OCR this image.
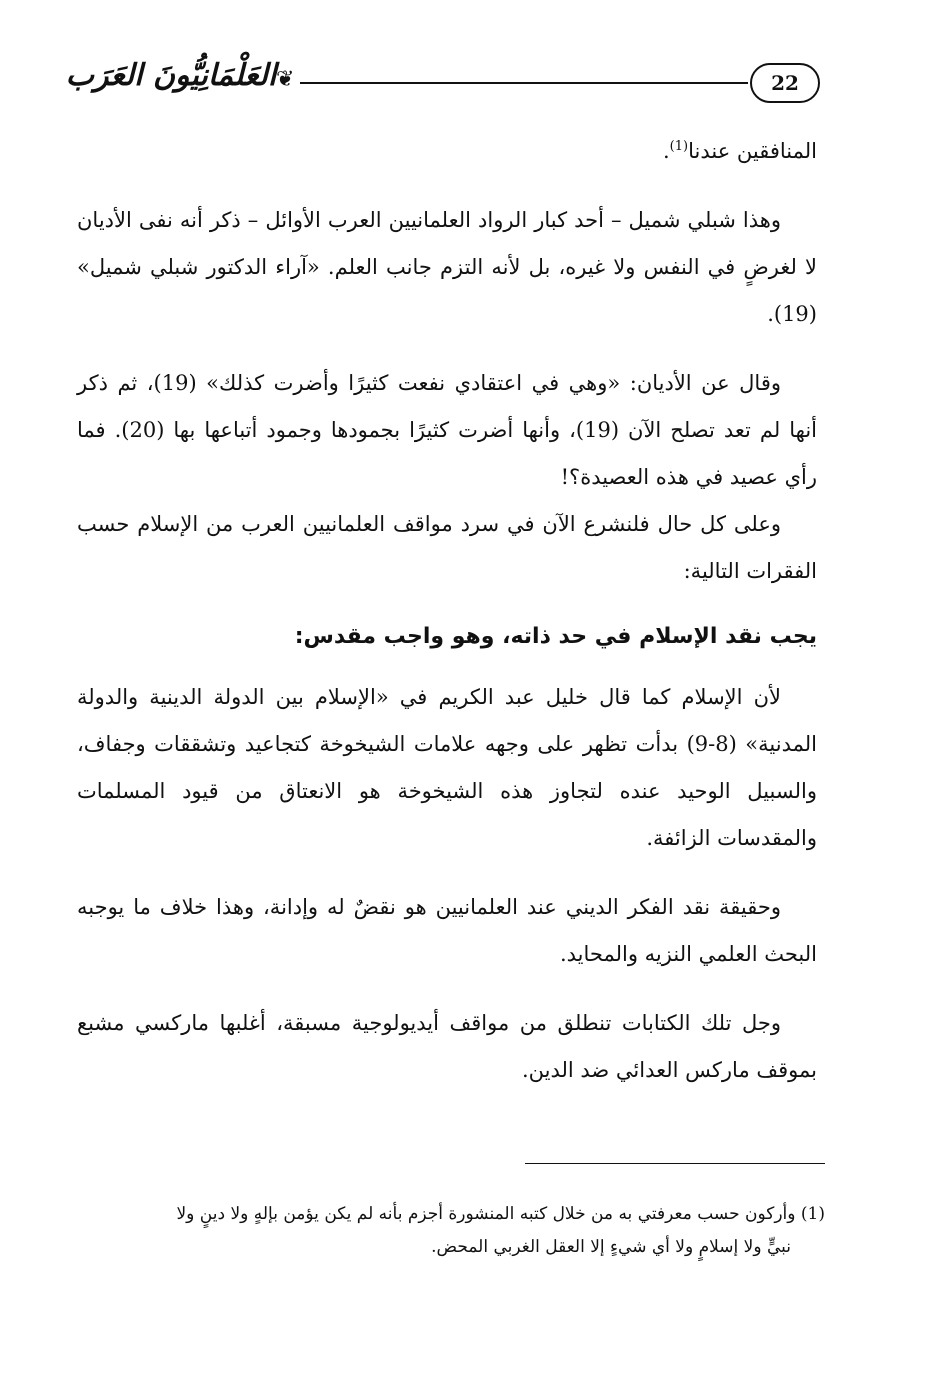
22
❦
العَلْمَانِيُّونَ العَرَب

المنافقين عندنا$^{(1)}$.

وهذا شبلي شميل – أحد كبار الرواد العلمانيين العرب الأوائل – ذكر أنه نفى الأديان لا لغرضٍ في النفس ولا غيره، بل لأنه التزم جانب العلم. «آراء الدكتور شبلي شميل» (19).

وقال عن الأديان: «وهي في اعتقادي نفعت كثيرًا وأضرت كذلك» (19)، ثم ذكر أنها لم تعد تصلح الآن (19)، وأنها أضرت كثيرًا بجمودها وجمود أتباعها بها (20). فما رأي عصيد في هذه العصيدة؟!

وعلى كل حال فلنشرع الآن في سرد مواقف العلمانيين العرب من الإسلام حسب الفقرات التالية:

يجب نقد الإسلام في حد ذاته، وهو واجب مقدس:

لأن الإسلام كما قال خليل عبد الكريم في «الإسلام بين الدولة الدينية والدولة المدنية» (8-9) بدأت تظهر على وجهه علامات الشيخوخة كتجاعيد وتشققات وجفاف، والسبيل الوحيد عنده لتجاوز هذه الشيخوخة هو الانعتاق من قيود المسلمات والمقدسات الزائفة.

وحقيقة نقد الفكر الديني عند العلمانيين هو نقضٌ له وإدانة، وهذا خلاف ما يوجبه البحث العلمي النزيه والمحايد.

وجل تلك الكتابات تنطلق من مواقف أيديولوجية مسبقة، أغلبها ماركسي مشبع بموقف ماركس العدائي ضد الدين.

(1) وأركون حسب معرفتي به من خلال كتبه المنشورة أجزم بأنه لم يكن يؤمن بإلهٍ ولا دينٍ ولا
نبيٍّ ولا إسلامٍ ولا أي شيءٍ إلا العقل الغربي المحض.
